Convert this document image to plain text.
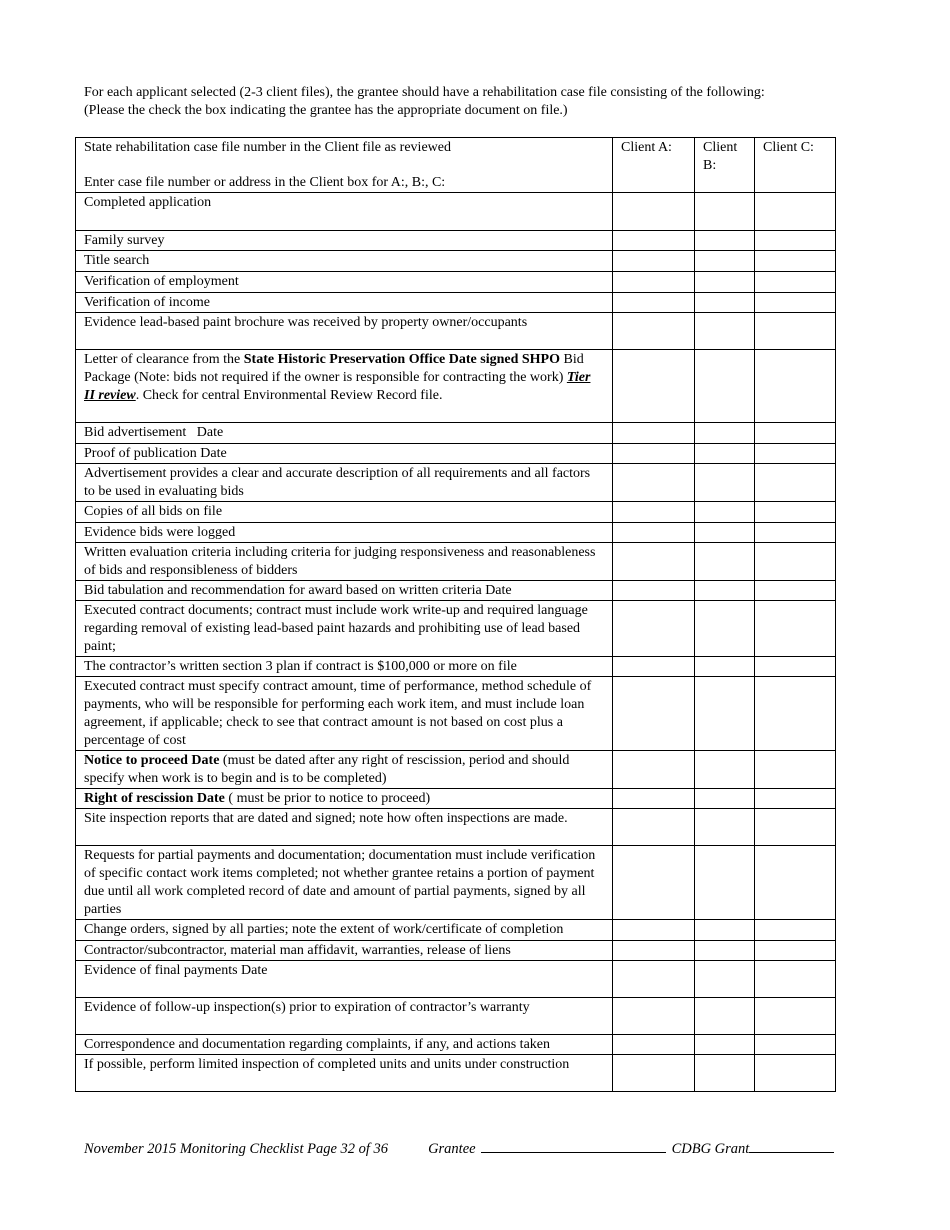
For each applicant selected (2-3 client files), the grantee should have a rehabilitation case file consisting of the following:
(Please the check the box indicating the grantee has the appropriate document on file.)
State rehabilitation case file number in the Client file as reviewed
Enter case file number or address in the Client box for A:, B:, C:	Client A:	Client B:	Client C:
Completed application			
Family survey			
Title search			
Verification of employment			
Verification of income			
Evidence lead-based paint brochure was received by property owner/occupants			
Letter of clearance from the State Historic Preservation Office Date signed SHPO Bid Package (Note: bids not required if the owner is responsible for contracting the work) Tier II review. Check for central Environmental Review Record file.			
Bid advertisement   Date			
Proof of publication Date			
Advertisement provides a clear and accurate description of all requirements and all factors to be used in evaluating bids			
Copies of all bids on file			
Evidence bids were logged			
Written evaluation criteria including criteria for judging responsiveness and reasonableness of bids and responsibleness of bidders			
Bid tabulation and recommendation for award based on written criteria Date			
Executed contract documents; contract must include work write-up and required language regarding removal of existing lead-based paint hazards and prohibiting use of lead based paint;			
The contractor’s written section 3 plan if contract is $100,000 or more on file			
Executed contract must specify contract amount, time of performance, method schedule of payments, who will be responsible for performing each work item, and must include loan agreement, if applicable; check to see that contract amount is not based on cost plus a percentage of cost			
Notice to proceed Date (must be dated after any right of rescission, period and should specify when work is to begin and is to be completed)			
Right of rescission Date ( must be prior to notice to proceed)			
Site inspection reports that are dated and signed; note how often inspections are made.			
Requests for partial payments and documentation; documentation must include verification of specific contact work items completed; not whether grantee retains a portion of payment due until all work completed record of date and amount of partial payments, signed by all parties			
Change orders, signed by all parties; note the extent of work/certificate of completion			
Contractor/subcontractor, material man affidavit, warranties, release of liens			
Evidence of final payments Date			
Evidence of follow-up inspection(s) prior to expiration of contractor’s warranty			
Correspondence and documentation regarding complaints, if any, and actions taken			
If possible, perform limited inspection of completed units and units under construction			
November 2015 Monitoring Checklist Page 32 of 36	Grantee	CDBG Grant
